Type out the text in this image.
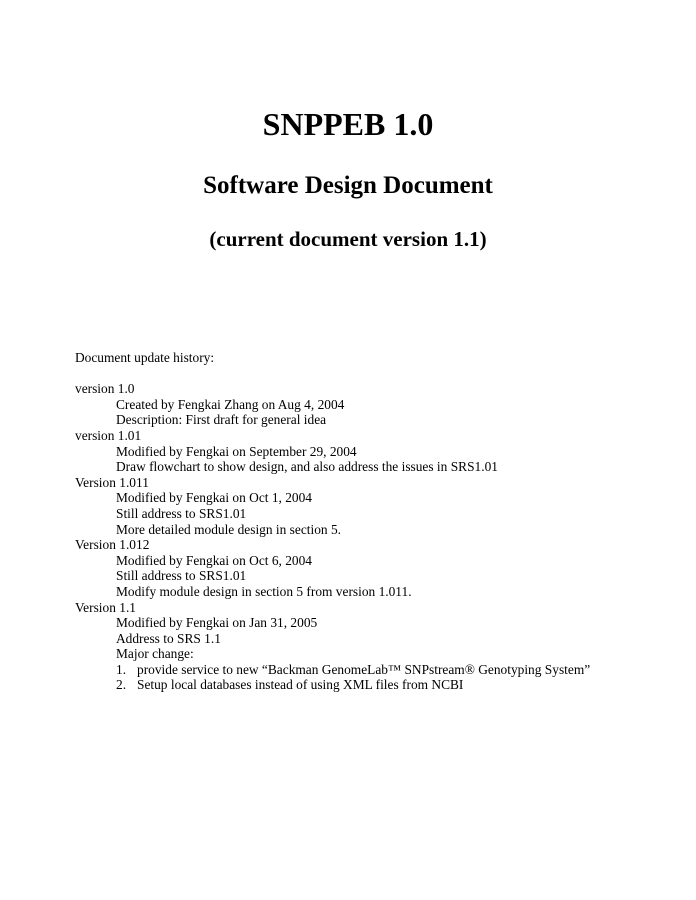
SNPPEB 1.0
Software Design Document
(current document version 1.1)
Document update history:
version 1.0
Created by Fengkai Zhang on Aug 4, 2004
Description: First draft for general idea
version 1.01
Modified by Fengkai on September 29, 2004
Draw flowchart to show design, and also address the issues in SRS1.01
Version 1.011
Modified by Fengkai on Oct 1, 2004
Still address to SRS1.01
More detailed module design in section 5.
Version 1.012
Modified by Fengkai on Oct 6, 2004
Still address to SRS1.01
Modify module design in section 5 from version 1.011.
Version 1.1
Modified by Fengkai on Jan 31, 2005
Address to SRS 1.1
Major change:
1. provide service to new “Backman GenomeLab™ SNPstream® Genotyping System”
2. Setup local databases instead of using XML files from NCBI
